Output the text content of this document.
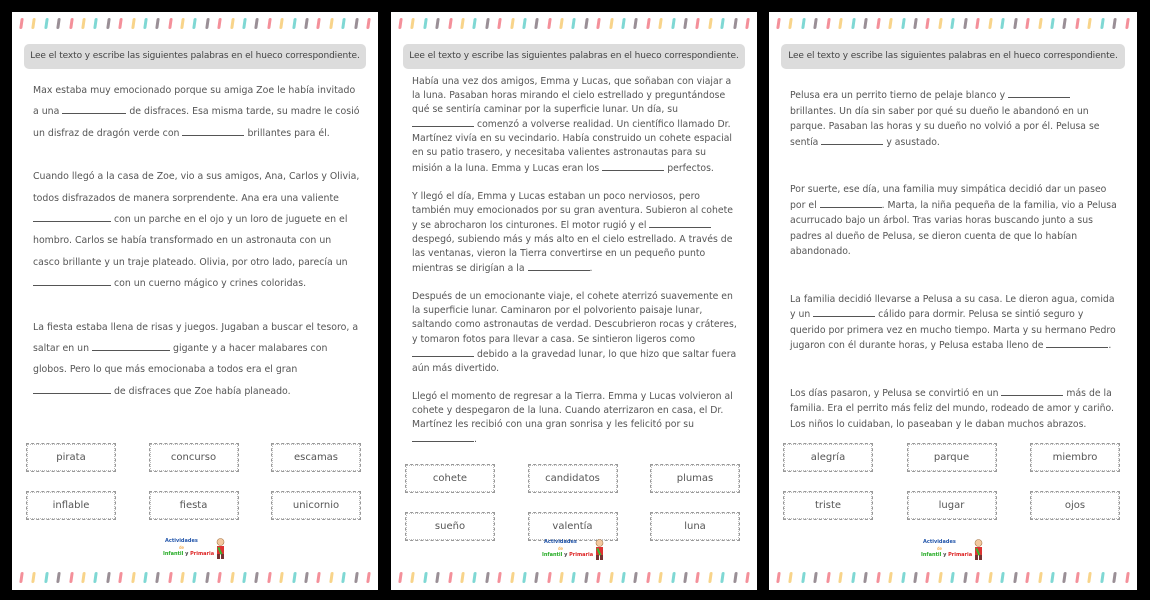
Lee el texto y escribe las siguientes palabras en el hueco correspondiente.

Max estaba muy emocionado porque su amiga Zoe le había invitado a una	de disfraces. Esa misma tarde, su madre le cosió un disfraz de dragón verde con	brillantes para él.

Cuando llegó a la casa de Zoe, vio a sus amigos, Ana, Carlos y Olivia, todos disfrazados de manera sorprendente. Ana era una valiente
con un parche en el ojo y un loro de juguete en el hombro. Carlos se había transformado en un astronauta con un casco brillante y un traje plateado. Olivia, por otro lado, parecía un
con un cuerno mágico y crines coloridas.

La fiesta estaba llena de risas y juegos. Jugaban a buscar el tesoro, a saltar en un	gigante y a hacer malabares con globos. Pero lo que más emocionaba a todos era el gran
de disfraces que Zoe había planeado.

pirata	concurso	escamas
inflable	fiesta	unicornio
Actividades
de
Infantil y Primaria
Lee el texto y escribe las siguientes palabras en el hueco correspondiente.

Había una vez dos amigos, Emma y Lucas, que soñaban con viajar a la luna. Pasaban horas mirando el cielo estrellado y preguntándose qué se sentiría caminar por la superficie lunar. Un día, su  comenzó a volverse realidad. Un científico llamado Dr. Martínez vivía en su vecindario. Había construido un cohete espacial en su patio trasero, y necesitaba valientes astronautas para su misión a la luna. Emma y Lucas eran los	perfectos.

Y llegó el día, Emma y Lucas estaban un poco nerviosos, pero también muy emocionados por su gran aventura. Subieron al cohete y se abrocharon los cinturones. El motor rugió y el  despegó, subiendo más y más alto en el cielo estrellado. A través de las ventanas, vieron la Tierra convertirse en un pequeño punto mientras se dirigían a la	.

Después de un emocionante viaje, el cohete aterrizó suavemente en la superficie lunar. Caminaron por el polvoriento paisaje lunar, saltando como astronautas de verdad. Descubrieron rocas y cráteres, y tomaron fotos para llevar a casa. Se sintieron ligeros como
debido a la gravedad lunar, lo que hizo que saltar fuera aún más divertido.

Llegó el momento de regresar a la Tierra. Emma y Lucas volvieron al cohete y despegaron de la luna. Cuando aterrizaron en casa, el Dr. Martínez les recibió con una gran sonrisa y les felicitó por su
.

cohete	candidatos	plumas
sueño	valentía	luna
Actividades
de
Infantil y Primaria
Lee el texto y escribe las siguientes palabras en el hueco correspondiente.

Pelusa era un perrito tierno de pelaje blanco y  brillantes. Un día sin saber por qué su dueño le abandonó en un parque. Pasaban las horas y su dueño no volvió a por él. Pelusa se sentía	y asustado.

Por suerte, ese día, una familia muy simpática decidió dar un paseo por el	. Marta, la niña pequeña de la familia, vio a Pelusa acurrucado bajo un árbol. Tras varias horas buscando junto a sus padres al dueño de Pelusa, se dieron cuenta de que lo habían abandonado.

La familia decidió llevarse a Pelusa a su casa. Le dieron agua, comida y un	cálido para dormir. Pelusa se sintió seguro y querido por primera vez en mucho tiempo. Marta y su hermano Pedro jugaron con él durante horas, y Pelusa estaba lleno de	.

Los días pasaron, y Pelusa se convirtió en un	más de la familia. Era el perrito más feliz del mundo, rodeado de amor y cariño. Los niños lo cuidaban, lo paseaban y le daban muchos abrazos.

alegría	parque	miembro
triste	lugar	ojos
Actividades
de
Infantil y Primaria
